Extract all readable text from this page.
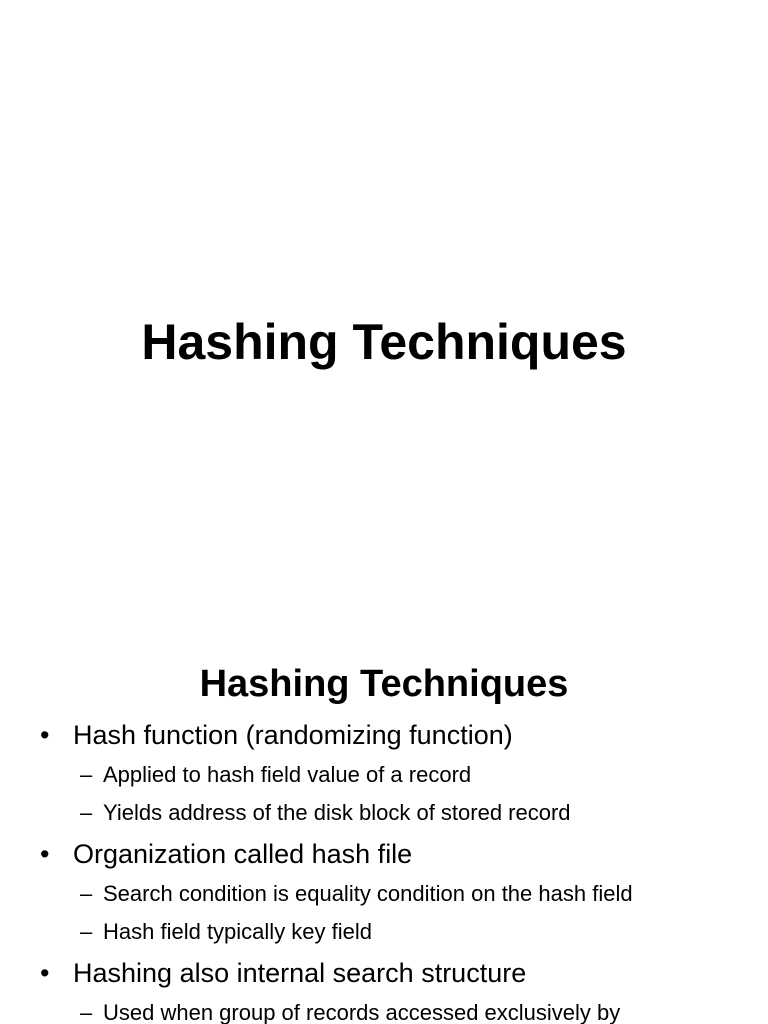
Hashing Techniques
Hashing Techniques
• Hash function (randomizing function)
– Applied to hash field value of a record
– Yields address of the disk block of stored record
• Organization called hash file
– Search condition is equality condition on the hash field
– Hash field typically key field
• Hashing also internal search structure
– Used when group of records accessed exclusively by
